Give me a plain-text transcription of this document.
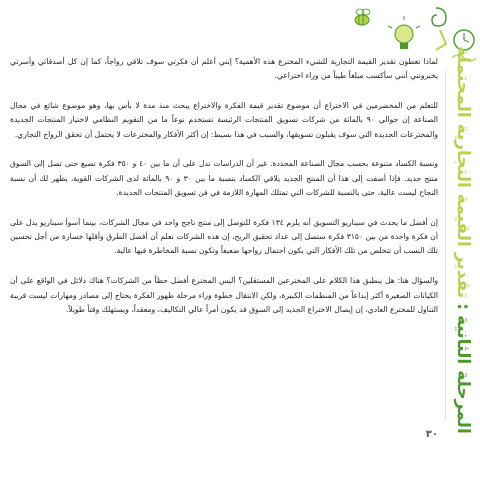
المرحلة الثانية:تقدير القيمة التجارية المحتملة

لماذا تعطون تقدير القيمة التجارية للشيء المخترع هذه الأهمية؟ إنني أعلم أن فكرتي سوف تلاقي رواجاً، كما إن كل أصدقائي وأسرتي يخبرونني أنني سأكسب مبلغاً طيباً من وراء اختراعي.

للتعلم من المخضرمين في الاختراع أن موضوع تقدير قيمة الفكرة والاختراع يبحث منذ مدة لا بأس بها، وهو موضوع شائع في مجال الصناعة إن حوالي ٩٠ بالمائة من شركات تسويق المنتجات الرئيسة تستخدم نوعاً ما من التقويم النظامي لاختيار المنتجات الجديدة والمخترعات الجديدة التي سوف يقبلون تسويقها، والسبب في هذا بسيط: إن أكثر الأفكار والمخترعات لا يحتمل أن تحقق الرواج التجاري.

ونسبة الكساد متنوعة بحسب مجال الصناعة المحددة. غير أن الدراسات تدل على أن ما بين ٤٠ و ٣٥٠ فكرة تضيع حتى تصل إلى السوق منتج جديد. فإذا أضفت إلى هذا أن المنتج الجديد يلاقي الكساد بنسبة ما بين ٣٠ و ٩٠ بالمائة لدى الشركات القوية، يظهر لك أن نسبة النجاح ليست عالية، حتى بالنسبة للشركات التي تمتلك المهارة اللازمة في فن تسويق المنتجات الجديدة.

إن أفضل ما يحدث في سيناريو التسويق أنه يلزم ١٣٤ فكرة للتوصل إلى منتج ناجح واحد في مجال الشركات، بينما أسوأ سيناريو يدل على أن فكرة واحدة من بين ٣١٥٠ فكرة ستصل إلى عداد تحقيق الربح، إن هذه الشركات تعلم أن أفضل الطرق وأقلها خسارة من أجل تحسين تلك النسب أن تتخلص من تلك الأفكار التي يكون احتمال رواجها ضعيفاً وتكون نسبة المخاطرة فيها عالية.

والسؤال هنا: هل ينطبق هذا الكلام على المخترعين المستقلين؟ أليس المخترع أفضل حظاً من الشركات؟ هناك دلائل في الواقع على أن الكيانات الصغيرة أكثر إبداعاً من المنظمات الكبيرة، ولكن الانتقال خطوة وراء مرحلة ظهور الفكرة يحتاج إلى مصادر ومهارات ليست قريبة التناول للمخترع العادي، إن إيصال الاختراع الجديد إلى السوق قد يكون أمراً عالي التكاليف، ومعقداً، ويستهلك وقتاً طويلاً.

٣٠
